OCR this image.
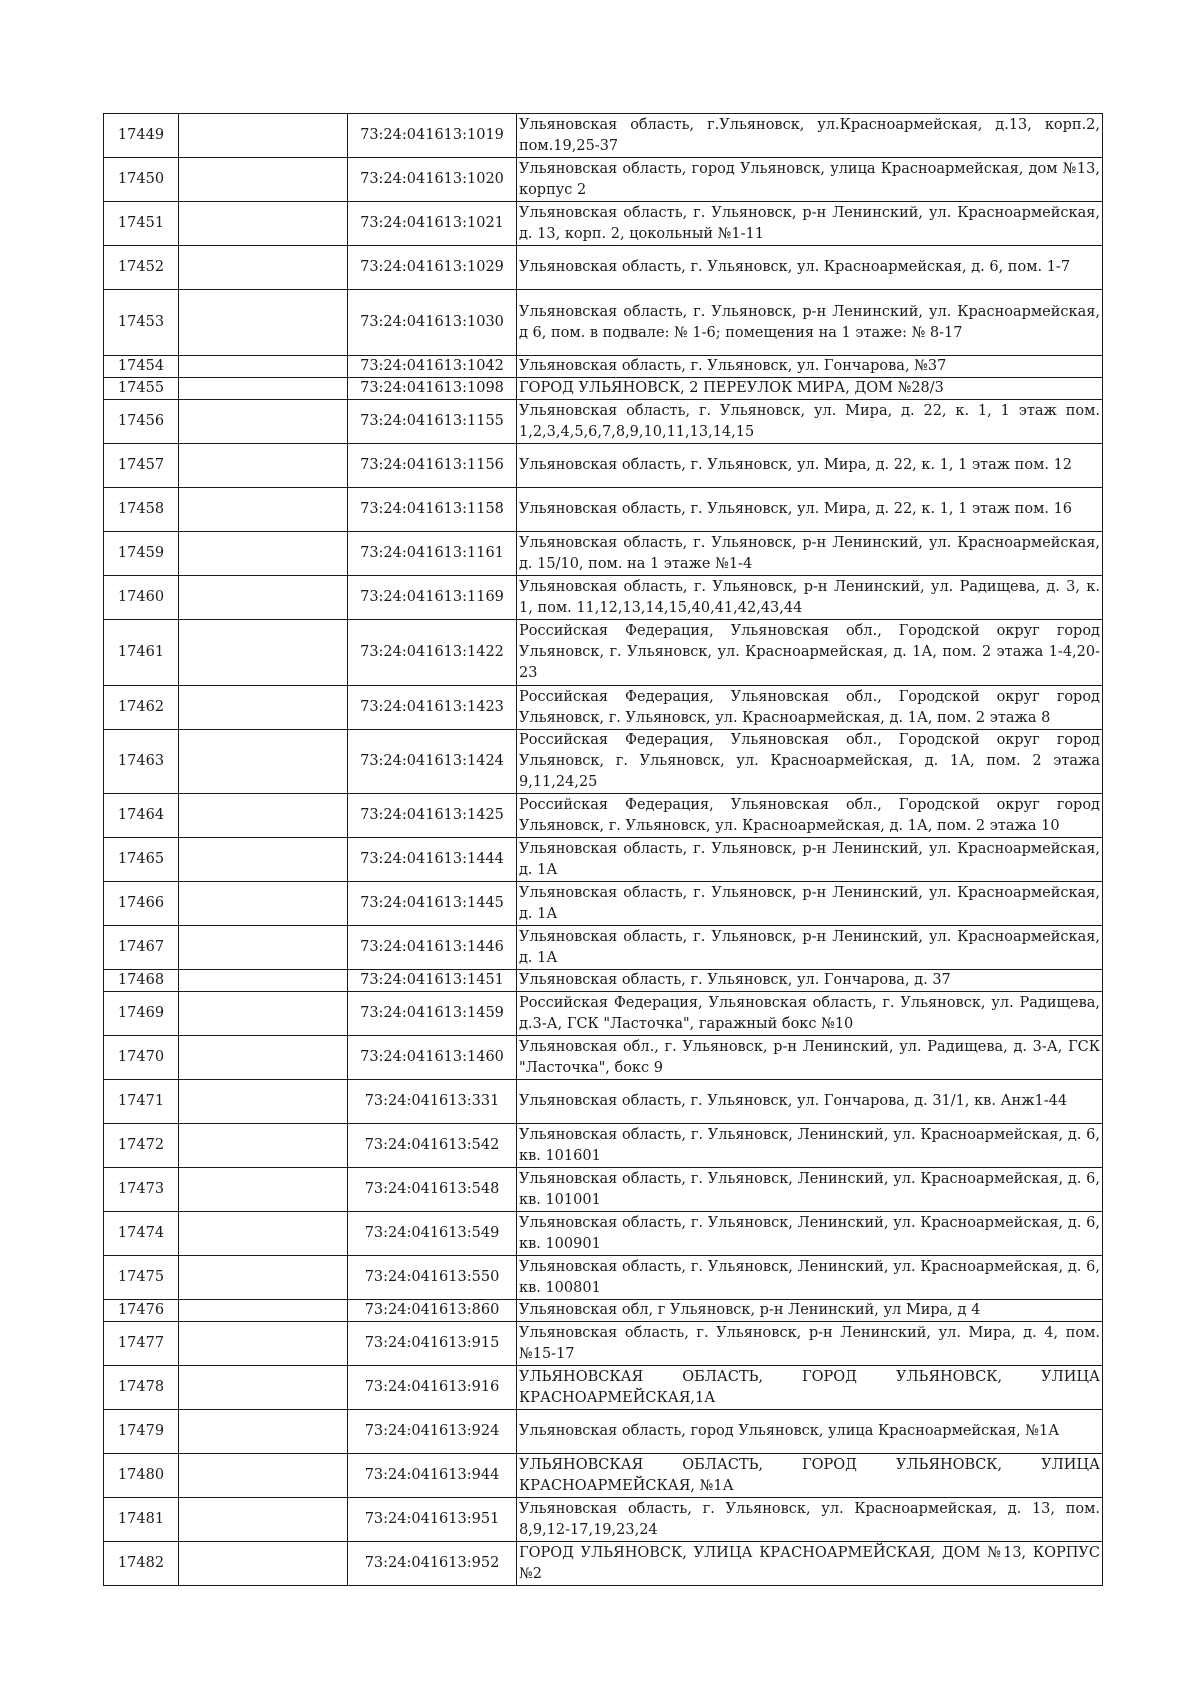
17449		73:24:041613:1019	Ульяновская область, г.Ульяновск, ул.Красноармейская, д.13, корп.2, пом.19,25-37
17450		73:24:041613:1020	Ульяновская область, город Ульяновск, улица Красноармейская, дом №13, корпус 2
17451		73:24:041613:1021	Ульяновская область, г. Ульяновск, р-н Ленинский, ул. Красноармейская, д. 13, корп. 2, цокольный №1-11
17452		73:24:041613:1029	Ульяновская область, г. Ульяновск, ул. Красноармейская, д. 6, пом. 1-7
17453		73:24:041613:1030	Ульяновская область, г. Ульяновск, р-н Ленинский, ул. Красноармейская, д 6, пом. в подвале: № 1-6; помещения на 1 этаже: № 8-17
17454		73:24:041613:1042	Ульяновская область, г. Ульяновск, ул. Гончарова, №37
17455		73:24:041613:1098	ГОРОД УЛЬЯНОВСК, 2 ПЕРЕУЛОК МИРА, ДОМ №28/3
17456		73:24:041613:1155	Ульяновская область, г. Ульяновск, ул. Мира, д. 22, к. 1, 1 этаж пом. 1,2,3,4,5,6,7,8,9,10,11,13,14,15
17457		73:24:041613:1156	Ульяновская область, г. Ульяновск, ул. Мира, д. 22, к. 1, 1 этаж пом. 12
17458		73:24:041613:1158	Ульяновская область, г. Ульяновск, ул. Мира, д. 22, к. 1, 1 этаж пом. 16
17459		73:24:041613:1161	Ульяновская область, г. Ульяновск, р-н Ленинский, ул. Красноармейская, д. 15/10, пом. на 1 этаже №1-4
17460		73:24:041613:1169	Ульяновская область, г. Ульяновск, р-н Ленинский, ул. Радищева, д. 3, к. 1, пом. 11,12,13,14,15,40,41,42,43,44
17461		73:24:041613:1422	Российская Федерация, Ульяновская обл., Городской округ город Ульяновск, г. Ульяновск, ул. Красноармейская, д. 1А, пом. 2 этажа 1-4,20-23
17462		73:24:041613:1423	Российская Федерация, Ульяновская обл., Городской округ город Ульяновск, г. Ульяновск, ул. Красноармейская, д. 1А, пом. 2 этажа 8
17463		73:24:041613:1424	Российская Федерация, Ульяновская обл., Городской округ город Ульяновск, г. Ульяновск, ул. Красноармейская, д. 1А, пом. 2 этажа 9,11,24,25
17464		73:24:041613:1425	Российская Федерация, Ульяновская обл., Городской округ город Ульяновск, г. Ульяновск, ул. Красноармейская, д. 1А, пом. 2 этажа 10
17465		73:24:041613:1444	Ульяновская область, г. Ульяновск, р-н Ленинский, ул. Красноармейская, д. 1А
17466		73:24:041613:1445	Ульяновская область, г. Ульяновск, р-н Ленинский, ул. Красноармейская, д. 1А
17467		73:24:041613:1446	Ульяновская область, г. Ульяновск, р-н Ленинский, ул. Красноармейская, д. 1А
17468		73:24:041613:1451	Ульяновская область, г. Ульяновск, ул. Гончарова, д. 37
17469		73:24:041613:1459	Российская Федерация, Ульяновская область, г. Ульяновск, ул. Радищева, д.3-А, ГСК "Ласточка", гаражный бокс №10
17470		73:24:041613:1460	Ульяновская обл., г. Ульяновск, р-н Ленинский, ул. Радищева, д. 3-А, ГСК "Ласточка", бокс 9
17471		73:24:041613:331	Ульяновская область, г. Ульяновск, ул. Гончарова, д. 31/1, кв. Анж1-44
17472		73:24:041613:542	Ульяновская область, г. Ульяновск, Ленинский, ул. Красноармейская, д. 6, кв. 101601
17473		73:24:041613:548	Ульяновская область, г. Ульяновск, Ленинский, ул. Красноармейская, д. 6, кв. 101001
17474		73:24:041613:549	Ульяновская область, г. Ульяновск, Ленинский, ул. Красноармейская, д. 6, кв. 100901
17475		73:24:041613:550	Ульяновская область, г. Ульяновск, Ленинский, ул. Красноармейская, д. 6, кв. 100801
17476		73:24:041613:860	Ульяновская обл, г Ульяновск, р-н Ленинский, ул Мира, д 4
17477		73:24:041613:915	Ульяновская область, г. Ульяновск, р-н Ленинский, ул. Мира, д. 4, пом. №15-17
17478		73:24:041613:916	УЛЬЯНОВСКАЯ ОБЛАСТЬ, ГОРОД УЛЬЯНОВСК, УЛИЦА КРАСНОАРМЕЙСКАЯ,1А
17479		73:24:041613:924	Ульяновская область, город Ульяновск, улица Красноармейская, №1А
17480		73:24:041613:944	УЛЬЯНОВСКАЯ ОБЛАСТЬ, ГОРОД УЛЬЯНОВСК, УЛИЦА КРАСНОАРМЕЙСКАЯ, №1А
17481		73:24:041613:951	Ульяновская область, г. Ульяновск, ул. Красноармейская, д. 13, пом. 8,9,12-17,19,23,24
17482		73:24:041613:952	ГОРОД УЛЬЯНОВСК, УЛИЦА КРАСНОАРМЕЙСКАЯ, ДОМ №13, КОРПУС №2
